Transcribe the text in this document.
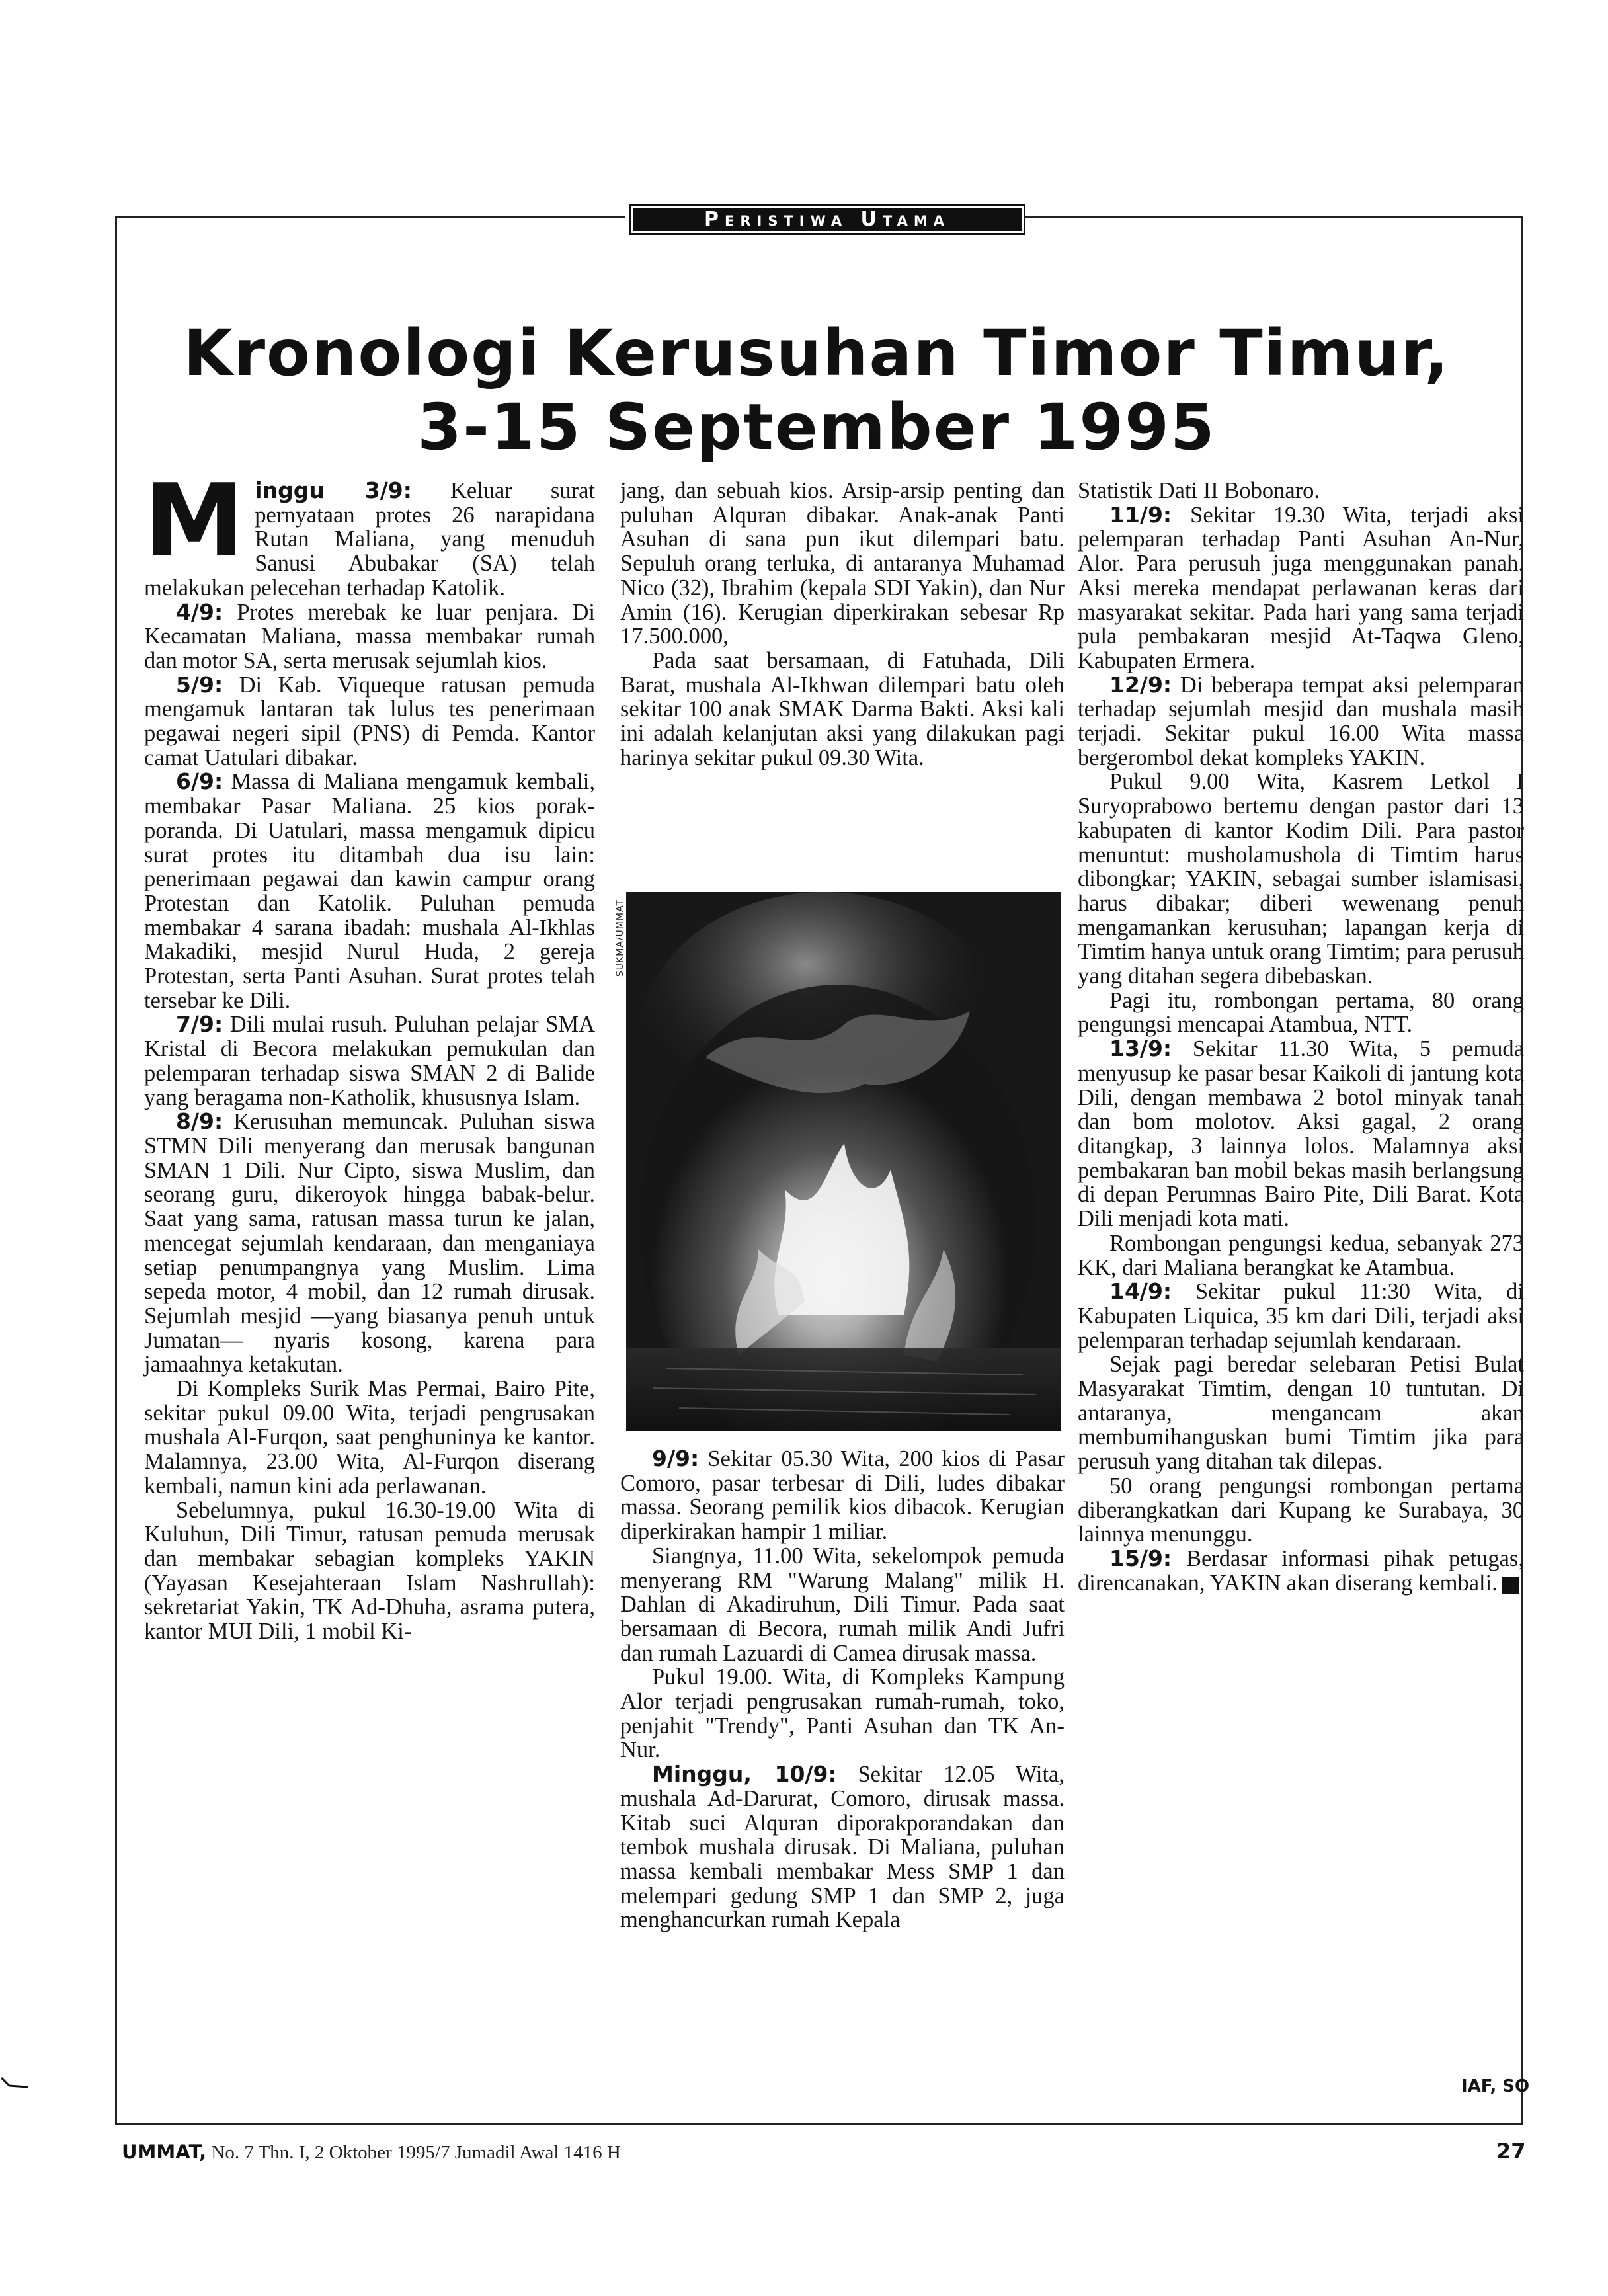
Peristiwa Utama
Kronologi Kerusuhan Timor Timur,
3-15 September 1995
M inggu 3/9: Keluar surat pernyataan protes 26 narapidana Rutan Maliana, yang menuduh Sanusi Abubakar (SA) telah melakukan pelecehan terhadap Katolik.

4/9: Protes merebak ke luar penjara. Di Kecamatan Maliana, massa membakar rumah dan motor SA, serta merusak sejumlah kios.

5/9: Di Kab. Viqueque ratusan pemuda mengamuk lantaran tak lulus tes penerimaan pegawai negeri sipil (PNS) di Pemda. Kantor camat Uatulari dibakar.

6/9: Massa di Maliana mengamuk kembali, membakar Pasar Maliana. 25 kios porak-poranda. Di Uatulari, massa mengamuk dipicu surat protes itu ditambah dua isu lain: penerimaan pegawai dan kawin campur orang Protestan dan Katolik. Puluhan pemuda membakar 4 sarana ibadah: mushala Al-Ikhlas Makadiki, mesjid Nurul Huda, 2 gereja Protestan, serta Panti Asuhan. Surat protes telah tersebar ke Dili.

7/9: Dili mulai rusuh. Puluhan pelajar SMA Kristal di Becora melakukan pemukulan dan pelemparan terhadap siswa SMAN 2 di Balide yang beragama non-Katholik, khususnya Islam.

8/9: Kerusuhan memuncak. Puluhan siswa STMN Dili menyerang dan merusak bangunan SMAN 1 Dili. Nur Cipto, siswa Muslim, dan seorang guru, dikeroyok hingga babak-belur. Saat yang sama, ratusan massa turun ke jalan, mencegat sejumlah kendaraan, dan menganiaya setiap penumpangnya yang Muslim. Lima sepeda motor, 4 mobil, dan 12 rumah dirusak. Sejumlah mesjid —yang biasanya penuh untuk Jumatan— nyaris kosong, karena para jamaahnya ketakutan.

Di Kompleks Surik Mas Permai, Bairo Pite, sekitar pukul 09.00 Wita, terjadi pengrusakan mushala Al-Furqon, saat penghuninya ke kantor. Malamnya, 23.00 Wita, Al-Furqon diserang kembali, namun kini ada perlawanan.

Sebelumnya, pukul 16.30-19.00 Wita di Kuluhun, Dili Timur, ratusan pemuda merusak dan membakar sebagian kompleks YAKIN (Yayasan Kesejahteraan Islam Nashrullah): sekretariat Yakin, TK Ad-Dhuha, asrama putera, kantor MUI Dili, 1 mobil Ki-

jang, dan sebuah kios. Arsip-arsip penting dan puluhan Alquran dibakar. Anak-anak Panti Asuhan di sana pun ikut dilempari batu. Sepuluh orang terluka, di antaranya Muhamad Nico (32), Ibrahim (kepala SDI Yakin), dan Nur Amin (16). Kerugian diperkirakan sebesar Rp 17.500.000,

Pada saat bersamaan, di Fatuhada, Dili Barat, mushala Al-Ikhwan dilempari batu oleh sekitar 100 anak SMAK Darma Bakti. Aksi kali ini adalah kelanjutan aksi yang dilakukan pagi harinya sekitar pukul 09.30 Wita.

SUKMA/UMMAT

9/9: Sekitar 05.30 Wita, 200 kios di Pasar Comoro, pasar terbesar di Dili, ludes dibakar massa. Seorang pemilik kios dibacok. Kerugian diperkirakan hampir 1 miliar.

Siangnya, 11.00 Wita, sekelompok pemuda menyerang RM "Warung Malang" milik H. Dahlan di Akadiruhun, Dili Timur. Pada saat bersamaan di Becora, rumah milik Andi Jufri dan rumah Lazuardi di Camea dirusak massa.

Pukul 19.00. Wita, di Kompleks Kampung Alor terjadi pengrusakan rumah-rumah, toko, penjahit "Trendy", Panti Asuhan dan TK An-Nur.

Minggu, 10/9: Sekitar 12.05 Wita, mushala Ad-Darurat, Comoro, dirusak massa. Kitab suci Alquran diporakporandakan dan tembok mushala dirusak. Di Maliana, puluhan massa kembali membakar Mess SMP 1 dan melempari gedung SMP 1 dan SMP 2, juga menghancurkan rumah Kepala

Statistik Dati II Bobonaro.

11/9: Sekitar 19.30 Wita, terjadi aksi pelemparan terhadap Panti Asuhan An-Nur, Alor. Para perusuh juga menggunakan panah. Aksi mereka mendapat perlawanan keras dari masyarakat sekitar. Pada hari yang sama terjadi pula pembakaran mesjid At-Taqwa Gleno, Kabupaten Ermera.

12/9: Di beberapa tempat aksi pelemparan terhadap sejumlah mesjid dan mushala masih terjadi. Sekitar pukul 16.00 Wita massa bergerombol dekat kompleks YAKIN.

Pukul 9.00 Wita, Kasrem Letkol I Suryoprabowo bertemu dengan pastor dari 13 kabupaten di kantor Kodim Dili. Para pastor menuntut: musholamushola di Timtim harus dibongkar; YAKIN, sebagai sumber islamisasi, harus dibakar; diberi wewenang penuh mengamankan kerusuhan; lapangan kerja di Timtim hanya untuk orang Timtim; para perusuh yang ditahan segera dibebaskan.

Pagi itu, rombongan pertama, 80 orang pengungsi mencapai Atambua, NTT.

13/9: Sekitar 11.30 Wita, 5 pemuda menyusup ke pasar besar Kaikoli di jantung kota Dili, dengan membawa 2 botol minyak tanah dan bom molotov. Aksi gagal, 2 orang ditangkap, 3 lainnya lolos. Malamnya aksi pembakaran ban mobil bekas masih berlangsung di depan Perumnas Bairo Pite, Dili Barat. Kota Dili menjadi kota mati.

Rombongan pengungsi kedua, sebanyak 273 KK, dari Maliana berangkat ke Atambua.

14/9: Sekitar pukul 11:30 Wita, di Kabupaten Liquica, 35 km dari Dili, terjadi aksi pelemparan terhadap sejumlah kendaraan.

Sejak pagi beredar selebaran Petisi Bulat Masyarakat Timtim, dengan 10 tuntutan. Di antaranya, mengancam akan membumihanguskan bumi Timtim jika para perusuh yang ditahan tak dilepas.

50 orang pengungsi rombongan pertama diberangkatkan dari Kupang ke Surabaya, 30 lainnya menunggu.

15/9: Berdasar informasi pihak petugas, direncanakan, YAKIN akan diserang kembali.	U

IAF, SO
UMMAT, No. 7 Thn. I, 2 Oktober 1995/7 Jumadil Awal 1416 H	27
